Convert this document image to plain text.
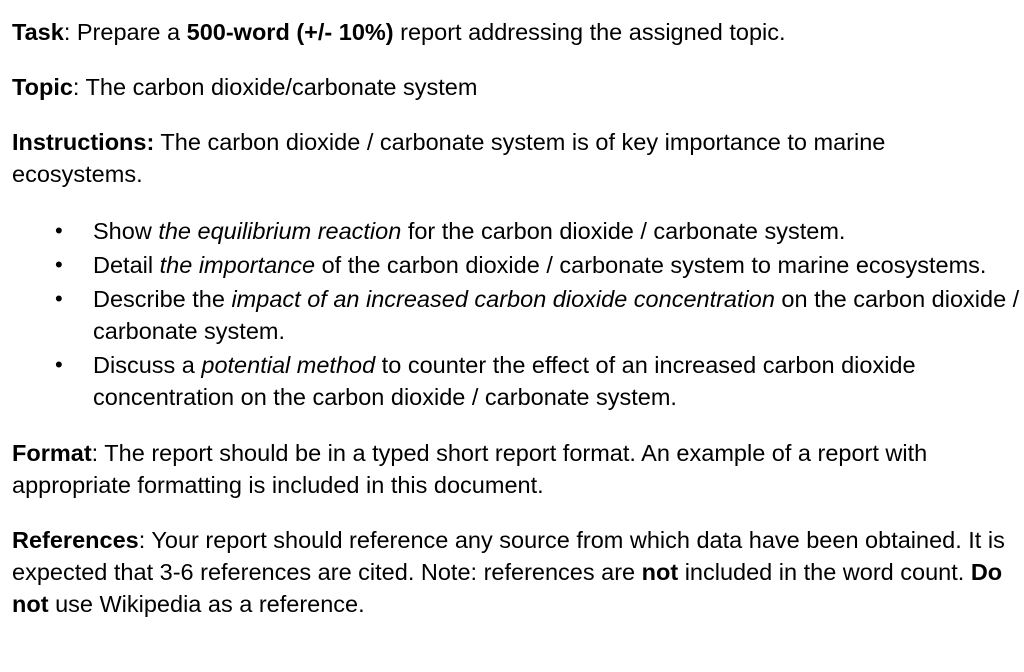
Task: Prepare a 500-word (+/- 10%) report addressing the assigned topic.

Topic: The carbon dioxide/carbonate system

Instructions: The carbon dioxide / carbonate system is of key importance to marine ecosystems.

• Show the equilibrium reaction for the carbon dioxide / carbonate system.
• Detail the importance of the carbon dioxide / carbonate system to marine ecosystems.
• Describe the impact of an increased carbon dioxide concentration on the carbon dioxide / carbonate system.
• Discuss a potential method to counter the effect of an increased carbon dioxide concentration on the carbon dioxide / carbonate system.

Format: The report should be in a typed short report format. An example of a report with appropriate formatting is included in this document.

References: Your report should reference any source from which data have been obtained. It is expected that 3-6 references are cited. Note: references are not included in the word count. Do not use Wikipedia as a reference.
